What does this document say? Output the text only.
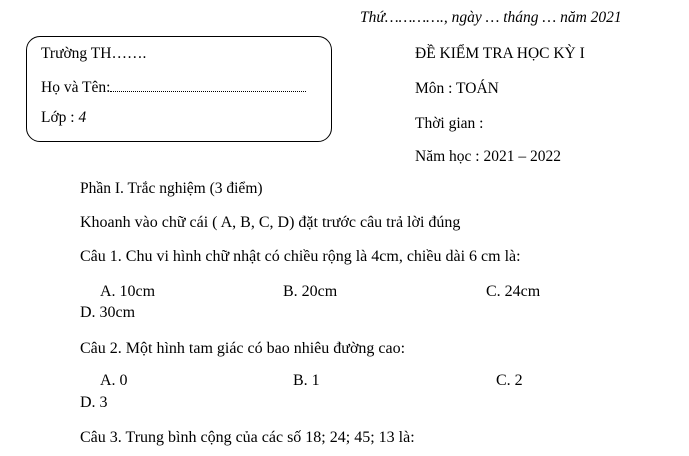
Thứ…………., ngày … tháng … năm 2021
Trường TH…….
Họ và Tên:
Lớp : 4
ĐỀ KIỂM TRA HỌC KỲ I
Môn : TOÁN
Thời gian :
Năm học : 2021 – 2022
Phần I. Trắc nghiệm (3 điểm)
Khoanh vào chữ cái ( A, B, C, D) đặt trước câu trả lời đúng
Câu 1. Chu vi hình chữ nhật có chiều rộng là 4cm, chiều dài 6 cm là:
A. 10cm	B. 20cm	C. 24cm
D. 30cm
Câu 2. Một hình tam giác có bao nhiêu đường cao:
A. 0	B. 1	C. 2
D. 3
Câu 3. Trung bình cộng của các số 18; 24; 45; 13 là:
